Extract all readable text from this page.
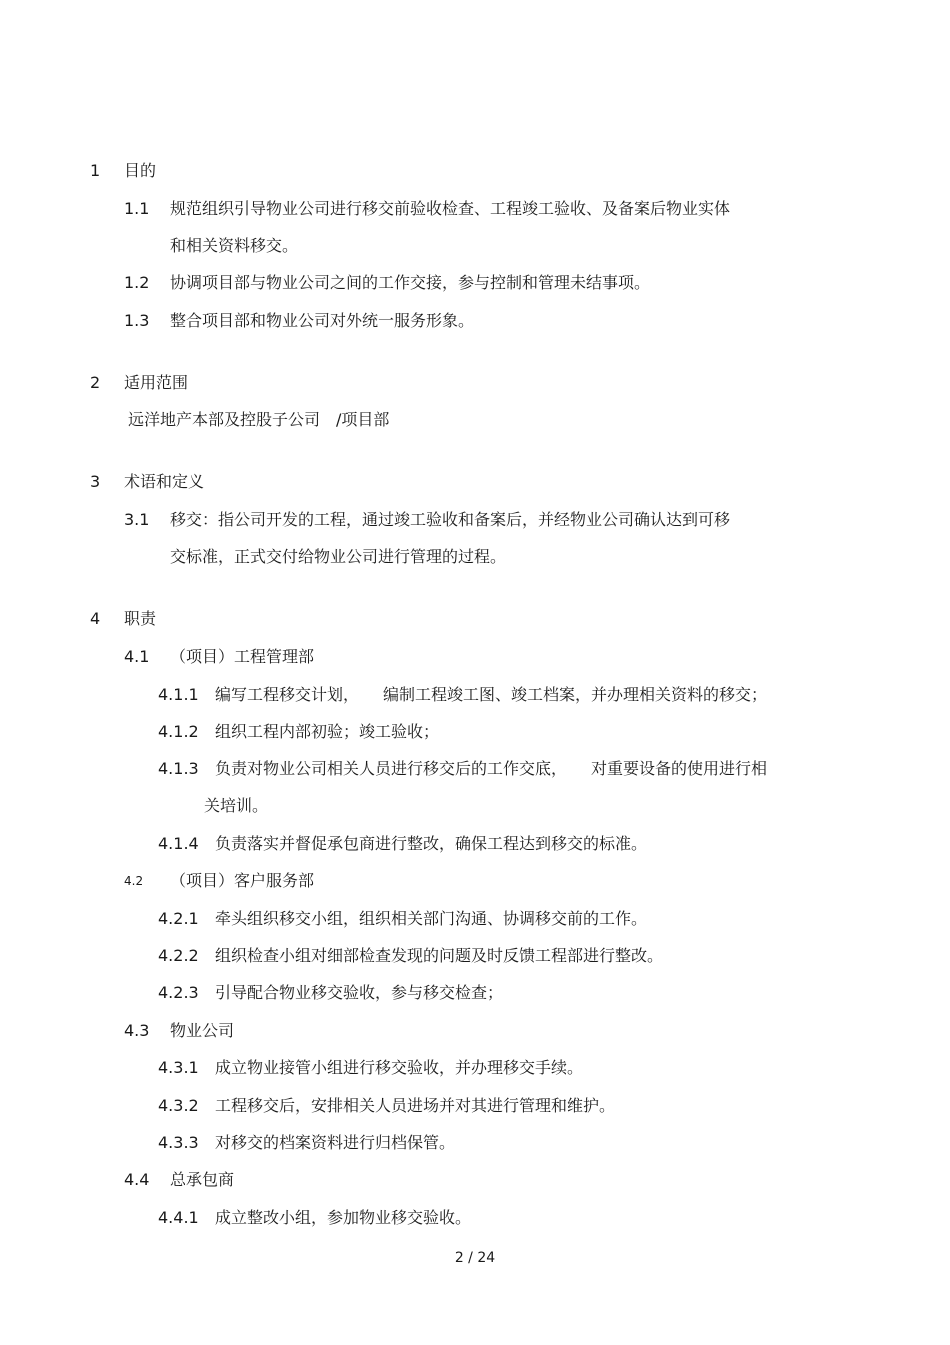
1 目的
1.1 规范组织引导物业公司进行移交前验收检查、工程竣工验收、及备案后物业实体
和相关资料移交。
1.2 协调项目部与物业公司之间的工作交接，参与控制和管理未结事项。
1.3 整合项目部和物业公司对外统一服务形象。
2 适用范围
远洋地产本部及控股子公司　/项目部
3 术语和定义
3.1 移交：指公司开发的工程，通过竣工验收和备案后，并经物业公司确认达到可移
交标准，正式交付给物业公司进行管理的过程。
4 职责
4.1 （项目）工程管理部
4.1.1 编写工程移交计划，　　编制工程竣工图、竣工档案，并办理相关资料的移交；
4.1.2 组织工程内部初验；竣工验收；
4.1.3 负责对物业公司相关人员进行移交后的工作交底，　　对重要设备的使用进行相
关培训。
4.1.4 负责落实并督促承包商进行整改，确保工程达到移交的标准。
4.2 （项目）客户服务部
4.2.1 牵头组织移交小组，组织相关部门沟通、协调移交前的工作。
4.2.2 组织检查小组对细部检查发现的问题及时反馈工程部进行整改。
4.2.3 引导配合物业移交验收，参与移交检查；
4.3 物业公司
4.3.1 成立物业接管小组进行移交验收，并办理移交手续。
4.3.2 工程移交后，安排相关人员进场并对其进行管理和维护。
4.3.3 对移交的档案资料进行归档保管。
4.4 总承包商
4.4.1 成立整改小组，参加物业移交验收。
2 / 24
